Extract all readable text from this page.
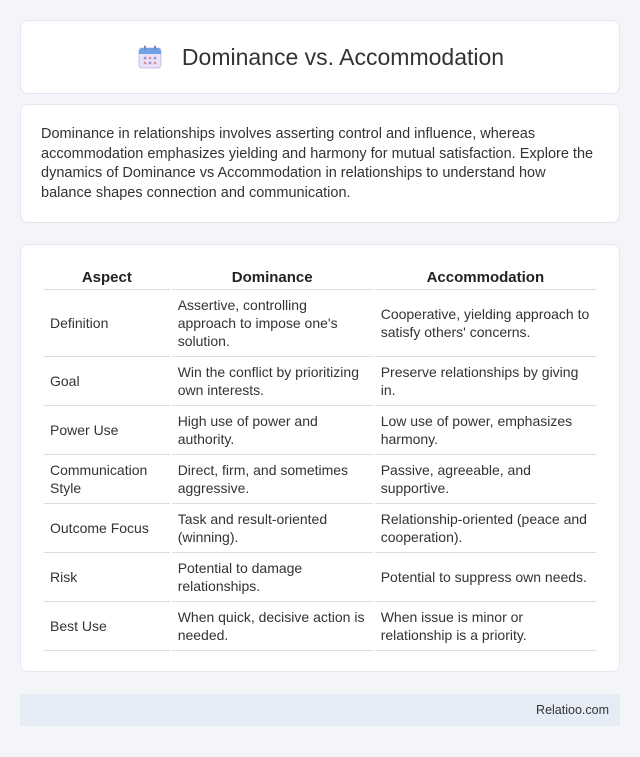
Dominance vs. Accommodation

Dominance in relationships involves asserting control and influence, whereas accommodation emphasizes yielding and harmony for mutual satisfaction. Explore the dynamics of Dominance vs Accommodation in relationships to understand how balance shapes connection and communication.

Aspect	Dominance	Accommodation
Definition	Assertive, controlling approach to impose one's solution.	Cooperative, yielding approach to satisfy others' concerns.
Goal	Win the conflict by prioritizing own interests.	Preserve relationships by giving in.
Power Use	High use of power and authority.	Low use of power, emphasizes harmony.
Communication Style	Direct, firm, and sometimes aggressive.	Passive, agreeable, and supportive.
Outcome Focus	Task and result-oriented (winning).	Relationship-oriented (peace and cooperation).
Risk	Potential to damage relationships.	Potential to suppress own needs.
Best Use	When quick, decisive action is needed.	When issue is minor or relationship is a priority.
Relatioo.com
